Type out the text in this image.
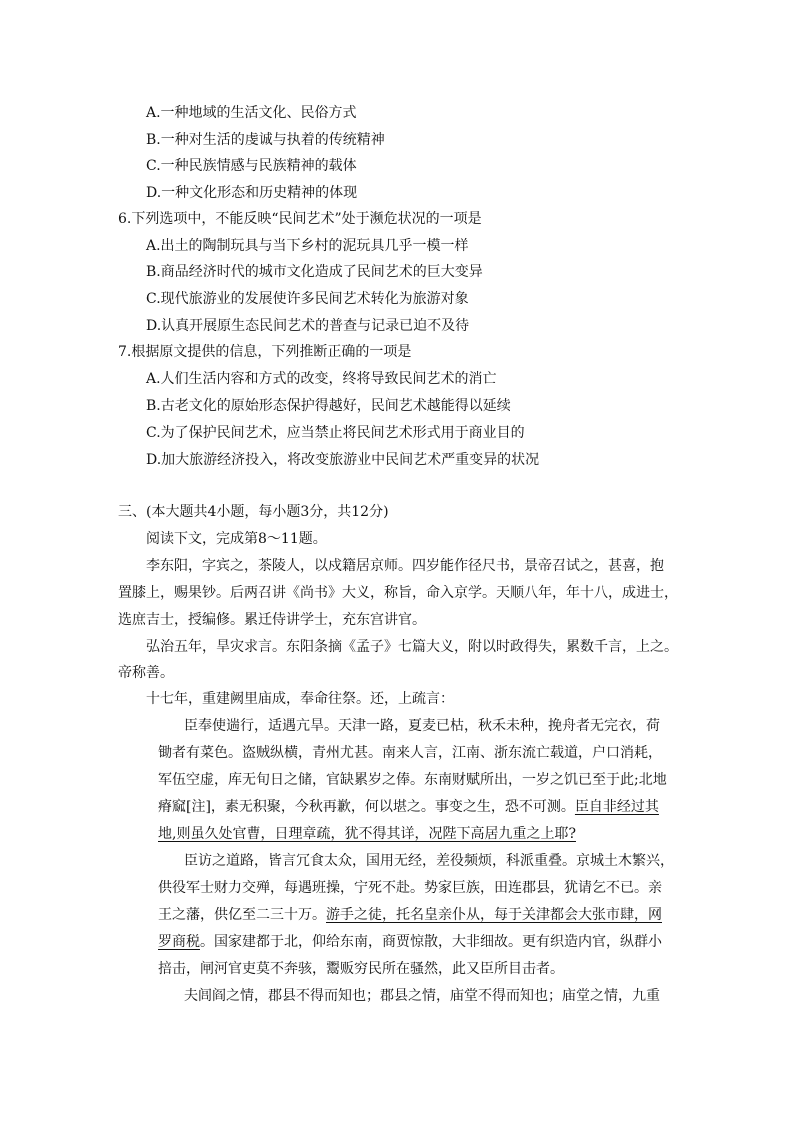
A.一种地域的生活文化、民俗方式
B.一种对生活的虔诚与执着的传统精神
C.一种民族情感与民族精神的载体
D.一种文化形态和历史精神的体现
6.下列选项中，不能反映“民间艺术”处于濒危状况的一项是
A.出土的陶制玩具与当下乡村的泥玩具几乎一模一样
B.商品经济时代的城市文化造成了民间艺术的巨大变异
C.现代旅游业的发展使许多民间艺术转化为旅游对象
D.认真开展原生态民间艺术的普查与记录已迫不及待
7.根据原文提供的信息，下列推断正确的一项是
A.人们生活内容和方式的改变，终将导致民间艺术的消亡
B.古老文化的原始形态保护得越好，民间艺术越能得以延续
C.为了保护民间艺术，应当禁止将民间艺术形式用于商业目的
D.加大旅游经济投入，将改变旅游业中民间艺术严重变异的状况
三、(本大题共4小题，每小题3分，共12分)
阅读下文，完成第8～11题。
李东阳，字宾之，茶陵人，以戍籍居京师。四岁能作径尺书，景帝召试之，甚喜，抱
置膝上，赐果钞。后两召讲《尚书》大义，称旨，命入京学。天顺八年，年十八，成进士，
选庶吉士，授编修。累迁侍讲学士，充东宫讲官。
弘治五年，旱灾求言。东阳条摘《孟子》七篇大义，附以时政得失，累数千言，上之。
帝称善。
十七年，重建阙里庙成，奉命往祭。还，上疏言：
臣奉使遄行，适遇亢旱。天津一路，夏麦已枯，秋禾未种，挽舟者无完衣，荷
锄者有菜色。盗贼纵横，青州尤甚。南来人言，江南、浙东流亡载道，户口消耗，
军伍空虚，库无旬日之储，官缺累岁之俸。东南财赋所出，一岁之饥已至于此;北地
瘠窳[注]，素无积聚，今秋再歉，何以堪之。事变之生，恐不可测。臣自非经过其
地,则虽久处官曹，日理章疏，犹不得其详，况陛下高居九重之上耶?
臣访之道路，皆言冗食太众，国用无经，差役频烦，科派重叠。京城土木繁兴，
供役军士财力交殚，每遇班操，宁死不赴。势家巨族，田连郡县，犹请乞不已。亲
王之藩，供亿至二三十万。游手之徒，托名皇亲仆从，每于关津都会大张市肆，网
罗商税。国家建都于北，仰给东南，商贾惊散，大非细故。更有织造内官，纵群小
掊击，闸河官吏莫不奔骇，鬻贩穷民所在骚然，此又臣所目击者。
夫闾阎之情，郡县不得而知也；郡县之情，庙堂不得而知也；庙堂之情，九重
